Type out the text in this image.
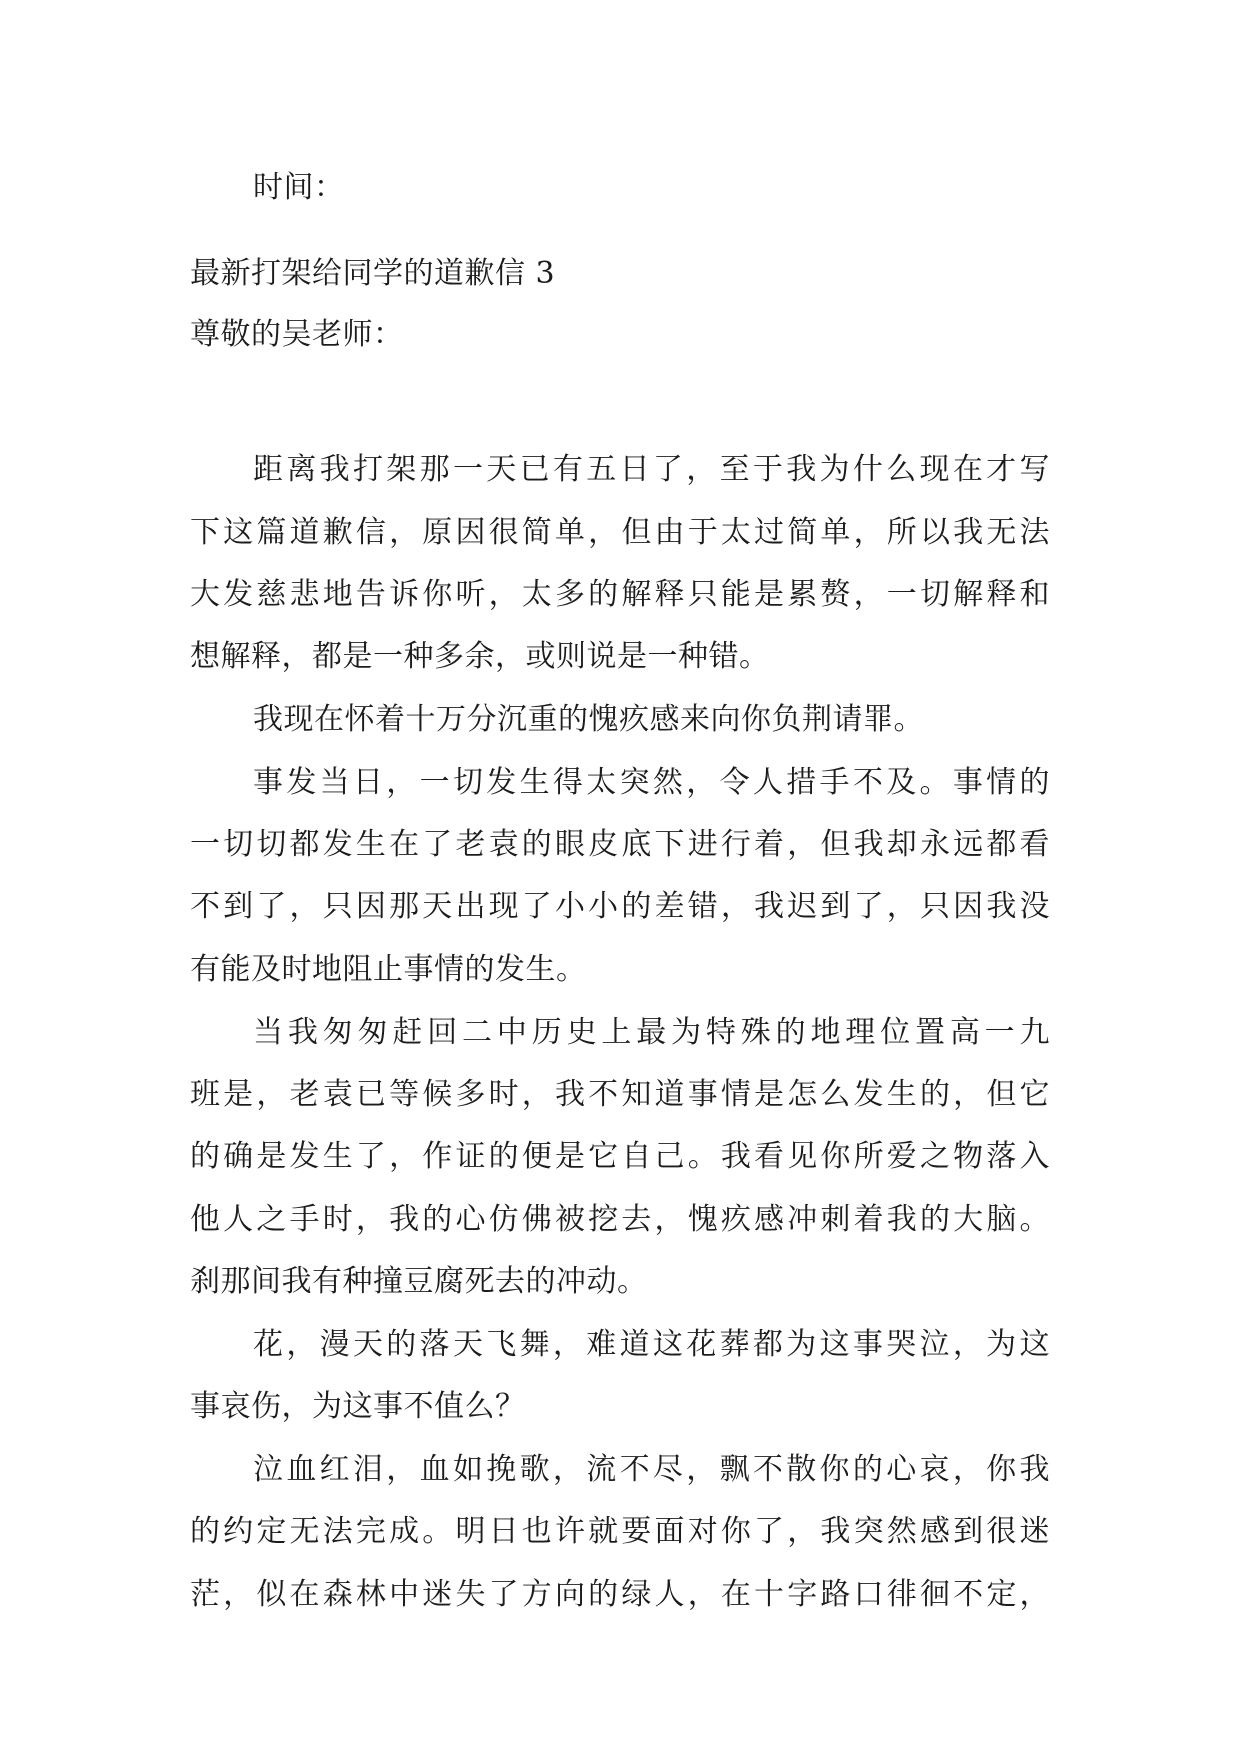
时间：
最新打架给同学的道歉信 3
尊敬的吴老师：
距离我打架那一天已有五日了，至于我为什么现在才写
下这篇道歉信，原因很简单，但由于太过简单，所以我无法
大发慈悲地告诉你听，太多的解释只能是累赘，一切解释和
想解释，都是一种多余，或则说是一种错。
我现在怀着十万分沉重的愧疚感来向你负荆请罪。
事发当日，一切发生得太突然，令人措手不及。事情的
一切切都发生在了老袁的眼皮底下进行着，但我却永远都看
不到了，只因那天出现了小小的差错，我迟到了，只因我没
有能及时地阻止事情的发生。
当我匆匆赶回二中历史上最为特殊的地理位置高一九
班是，老袁已等候多时，我不知道事情是怎么发生的，但它
的确是发生了，作证的便是它自己。我看见你所爱之物落入
他人之手时，我的心仿佛被挖去，愧疚感冲刺着我的大脑。
刹那间我有种撞豆腐死去的冲动。
花，漫天的落天飞舞，难道这花葬都为这事哭泣，为这
事哀伤，为这事不值么？
泣血红泪，血如挽歌，流不尽，飘不散你的心哀，你我
的约定无法完成。明日也许就要面对你了，我突然感到很迷
茫，似在森林中迷失了方向的绿人，在十字路口徘徊不定，
